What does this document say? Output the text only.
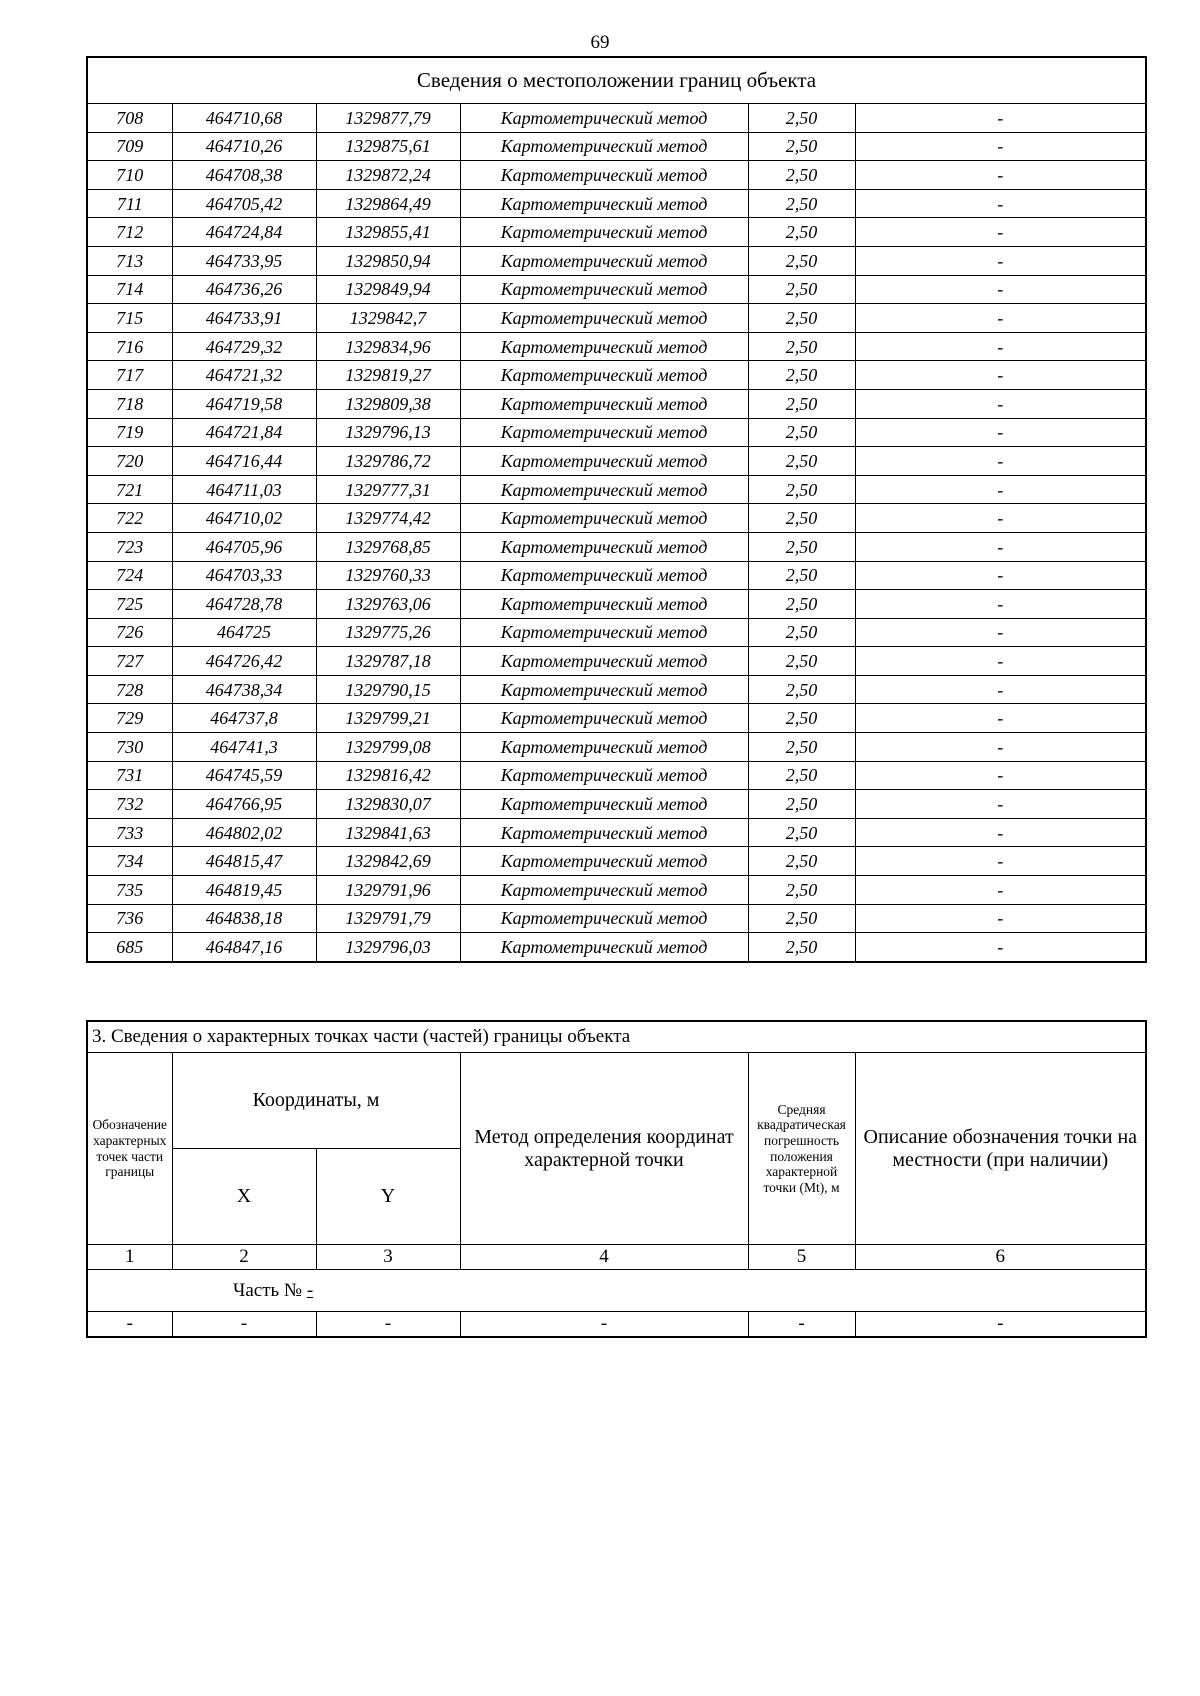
69
Сведения о местоположении границ объекта					
708	464710,68	1329877,79	Картометрический метод	2,50	-
709	464710,26	1329875,61	Картометрический метод	2,50	-
710	464708,38	1329872,24	Картометрический метод	2,50	-
711	464705,42	1329864,49	Картометрический метод	2,50	-
712	464724,84	1329855,41	Картометрический метод	2,50	-
713	464733,95	1329850,94	Картометрический метод	2,50	-
714	464736,26	1329849,94	Картометрический метод	2,50	-
715	464733,91	1329842,7	Картометрический метод	2,50	-
716	464729,32	1329834,96	Картометрический метод	2,50	-
717	464721,32	1329819,27	Картометрический метод	2,50	-
718	464719,58	1329809,38	Картометрический метод	2,50	-
719	464721,84	1329796,13	Картометрический метод	2,50	-
720	464716,44	1329786,72	Картометрический метод	2,50	-
721	464711,03	1329777,31	Картометрический метод	2,50	-
722	464710,02	1329774,42	Картометрический метод	2,50	-
723	464705,96	1329768,85	Картометрический метод	2,50	-
724	464703,33	1329760,33	Картометрический метод	2,50	-
725	464728,78	1329763,06	Картометрический метод	2,50	-
726	464725	1329775,26	Картометрический метод	2,50	-
727	464726,42	1329787,18	Картометрический метод	2,50	-
728	464738,34	1329790,15	Картометрический метод	2,50	-
729	464737,8	1329799,21	Картометрический метод	2,50	-
730	464741,3	1329799,08	Картометрический метод	2,50	-
731	464745,59	1329816,42	Картометрический метод	2,50	-
732	464766,95	1329830,07	Картометрический метод	2,50	-
733	464802,02	1329841,63	Картометрический метод	2,50	-
734	464815,47	1329842,69	Картометрический метод	2,50	-
735	464819,45	1329791,96	Картометрический метод	2,50	-
736	464838,18	1329791,79	Картометрический метод	2,50	-
685	464847,16	1329796,03	Картометрический метод	2,50	-
3. Сведения о характерных точках части (частей) границы объекта					
Обозначение характерных точек части границы	Координаты, м		Метод определения координат характерной точки	Средняя квадратическая погрешность положения характерной точки (Mt), м	Описание обозначения точки на местности (при наличии)
	X	Y			
1	2	3	4	5	6
Часть № -					
-	-	-	-	-	-
